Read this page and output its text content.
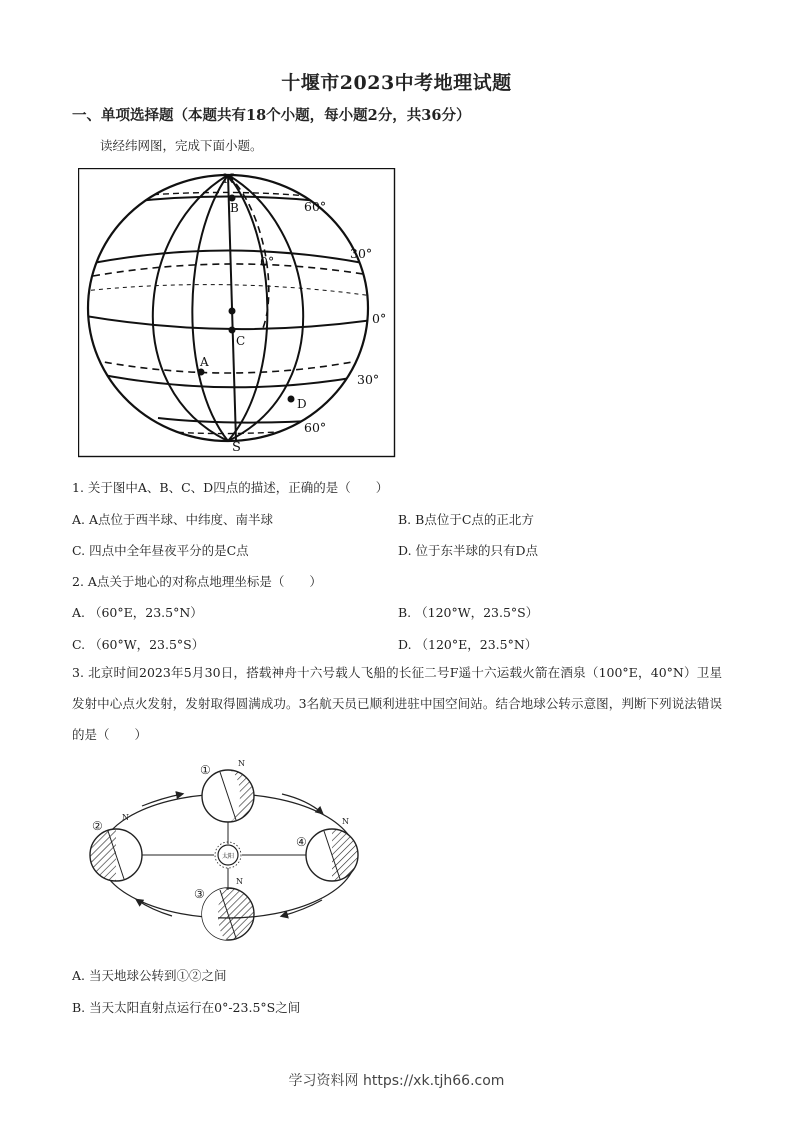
十堰市2023中考地理试题
一、单项选择题（本题共有18个小题，每小题2分，共36分）
读经纬网图，完成下面小题。
N
S
60°
30°
0°
30°
60°
0°
A
B
C
D
1. 关于图中A、B、C、D四点的描述，正确的是（　　）
A. A点位于西半球、中纬度、南半球	B. B点位于C点的正北方
C. 四点中全年昼夜平分的是C点	D. 位于东半球的只有D点
2. A点关于地心的对称点地理坐标是（　　）
A. （60°E，23.5°N）	B. （120°W，23.5°S）
C. （60°W，23.5°S）	D. （120°E，23.5°N）
3. 北京时间2023年5月30日，搭载神舟十六号载人飞船的长征二号F遥十六运载火箭在酒泉（100°E，40°N）卫星发射中心点火发射，发射取得圆满成功。3名航天员已顺利进驻中国空间站。结合地球公转示意图，判断下列说法错误的是（　　）
太阳
①	N
②
N
③
N
④
N
A. 当天地球公转到①②之间
B. 当天太阳直射点运行在0°-23.5°S之间
学习资料网 https://xk.tjh66.com
